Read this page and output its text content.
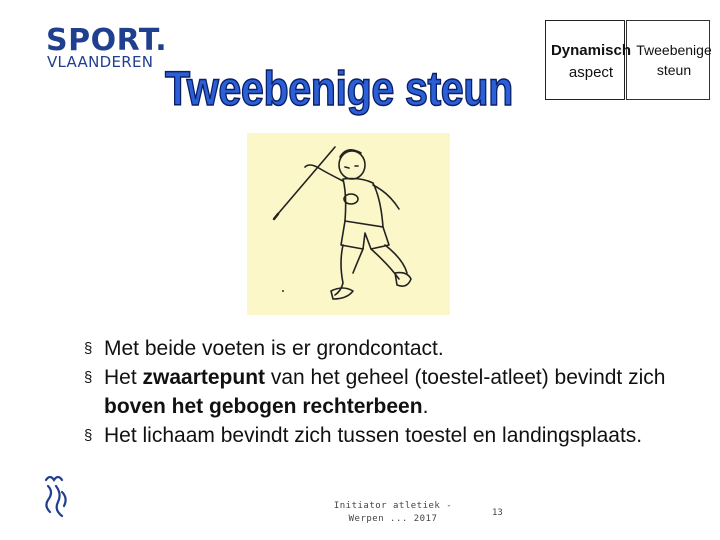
SPORT.
VLAANDEREN
Tweebenige steun
Dynamisch
aspect
Tweebenige steun
§ Met beide voeten is er grondcontact.
§ Het zwaartepunt van het geheel (toestel-atleet) bevindt zich boven het gebogen rechterbeen.
§ Het lichaam bevindt zich tussen toestel en landingsplaats.
Initiator atletiek -
Werpen ... 2017
13
